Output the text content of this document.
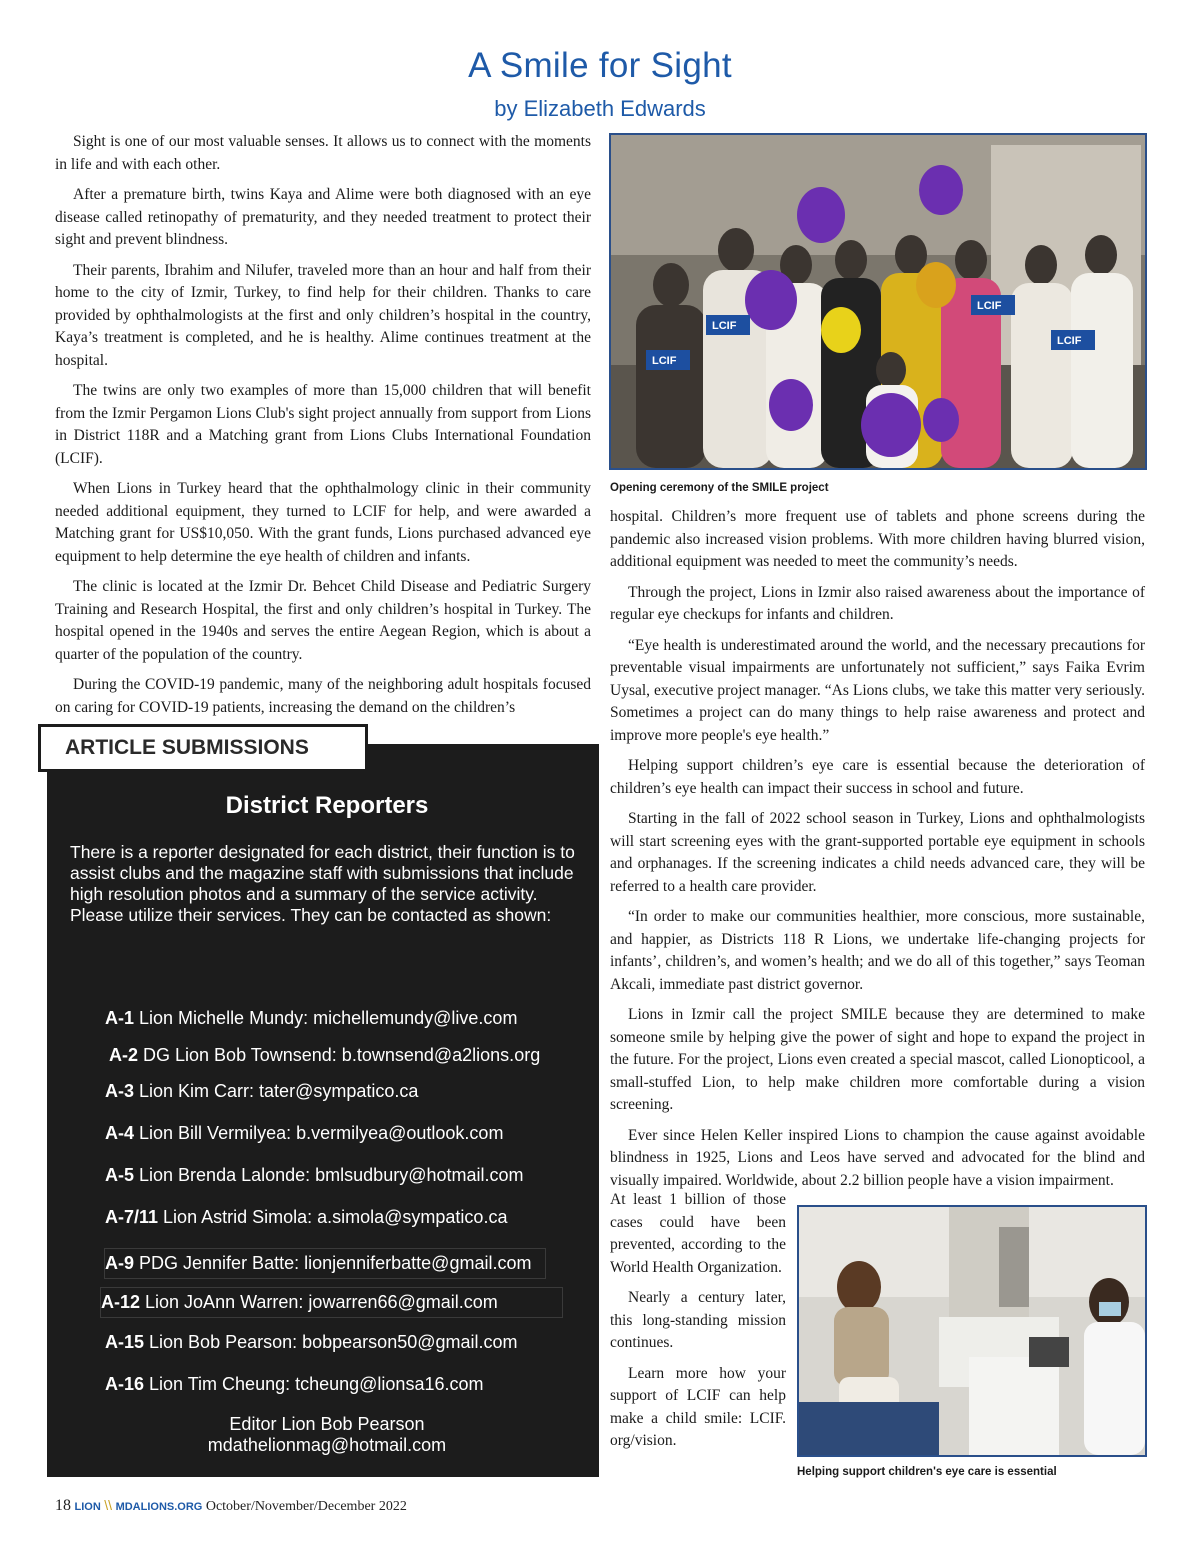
A Smile for Sight
by Elizabeth Edwards

Sight is one of our most valuable senses. It allows us to connect with the moments in life and with each other.

After a premature birth, twins Kaya and Alime were both diagnosed with an eye disease called retinopathy of prematurity, and they needed treatment to protect their sight and prevent blindness.

Their parents, Ibrahim and Nilufer, traveled more than an hour and half from their home to the city of Izmir, Turkey, to find help for their children. Thanks to care provided by ophthalmologists at the first and only children’s hospital in the country, Kaya’s treatment is completed, and he is healthy. Alime continues treatment at the hospital.

The twins are only two examples of more than 15,000 children that will benefit from the Izmir Pergamon Lions Club's sight project annually from support from Lions in District 118R and a Matching grant from Lions Clubs International Foundation (LCIF).

When Lions in Turkey heard that the ophthalmology clinic in their community needed additional equipment, they turned to LCIF for help, and were awarded a Matching grant for US$10,050. With the grant funds, Lions purchased advanced eye equipment to help determine the eye health of children and infants.

The clinic is located at the Izmir Dr. Behcet Child Disease and Pediatric Surgery Training and Research Hospital, the first and only children’s hospital in Turkey. The hospital opened in the 1940s and serves the entire Aegean Region, which is about a quarter of the population of the country.

During the COVID-19 pandemic, many of the neighboring adult hospitals focused on caring for COVID-19 patients, increasing the demand on the children’s

LCIF
LCIF
LCIF
LCIF
Opening ceremony of the SMILE project

hospital. Children’s more frequent use of tablets and phone screens during the pandemic also increased vision problems. With more children having blurred vision, additional equipment was needed to meet the community’s needs.

Through the project, Lions in Izmir also raised awareness about the importance of regular eye checkups for infants and children.

“Eye health is underestimated around the world, and the necessary precautions for preventable visual impairments are unfortunately not sufficient,” says Faika Evrim Uysal, executive project manager. “As Lions clubs, we take this matter very seriously. Sometimes a project can do many things to help raise awareness and protect and improve more people's eye health.”

Helping support children’s eye care is essential because the deterioration of children’s eye health can impact their success in school and future.

Starting in the fall of 2022 school season in Turkey, Lions and ophthalmologists will start screening eyes with the grant-supported portable eye equipment in schools and orphanages. If the screening indicates a child needs advanced care, they will be referred to a health care provider.

“In order to make our communities healthier, more conscious, more sustainable, and happier, as Districts 118 R Lions, we undertake life-changing projects for infants’, children’s, and women’s health; and we do all of this together,” says Teoman Akcali, immediate past district governor.

Lions in Izmir call the project SMILE because they are determined to make someone smile by helping give the power of sight and hope to expand the project in the future. For the project, Lions even created a special mascot, called Lionopticool, a small-stuffed Lion, to help make children more comfortable during a vision screening.

Ever since Helen Keller inspired Lions to champion the cause against avoidable blindness in 1925, Lions and Leos have served and advocated for the blind and visually impaired. Worldwide, about 2.2 billion people have a vision impairment.

At least 1 billion of those cases could have been prevented, according to the World Health Organization.

Nearly a century later, this long-standing mission continues.

Learn more how your support of LCIF can help make a child smile: LCIF. org/vision.

Helping support children's eye care is essential
District Reporters
There is a reporter designated for each district, their function is to assist clubs and the magazine staff with submissions that include high resolution photos and a summary of the service activity. Please utilize their services. They can be contacted as shown:
A-1 Lion Michelle Mundy: michellemundy@live.com
A-2 DG Lion Bob Townsend: b.townsend@a2lions.org
A-3 Lion Kim Carr: tater@sympatico.ca
A-4 Lion Bill Vermilyea: b.vermilyea@outlook.com
A-5 Lion Brenda Lalonde: bmlsudbury@hotmail.com
A-7/11 Lion Astrid Simola: a.simola@sympatico.ca
A-9 PDG Jennifer Batte: lionjenniferbatte@gmail.com
A-12 Lion JoAnn Warren: jowarren66@gmail.com
A-15 Lion Bob Pearson: bobpearson50@gmail.com
A-16 Lion Tim Cheung: tcheung@lionsa16.com
Editor Lion Bob Pearson
mdathelionmag@hotmail.com
ARTICLE SUBMISSIONS
18 LION \\ MDALIONS.ORG October/November/December 2022
